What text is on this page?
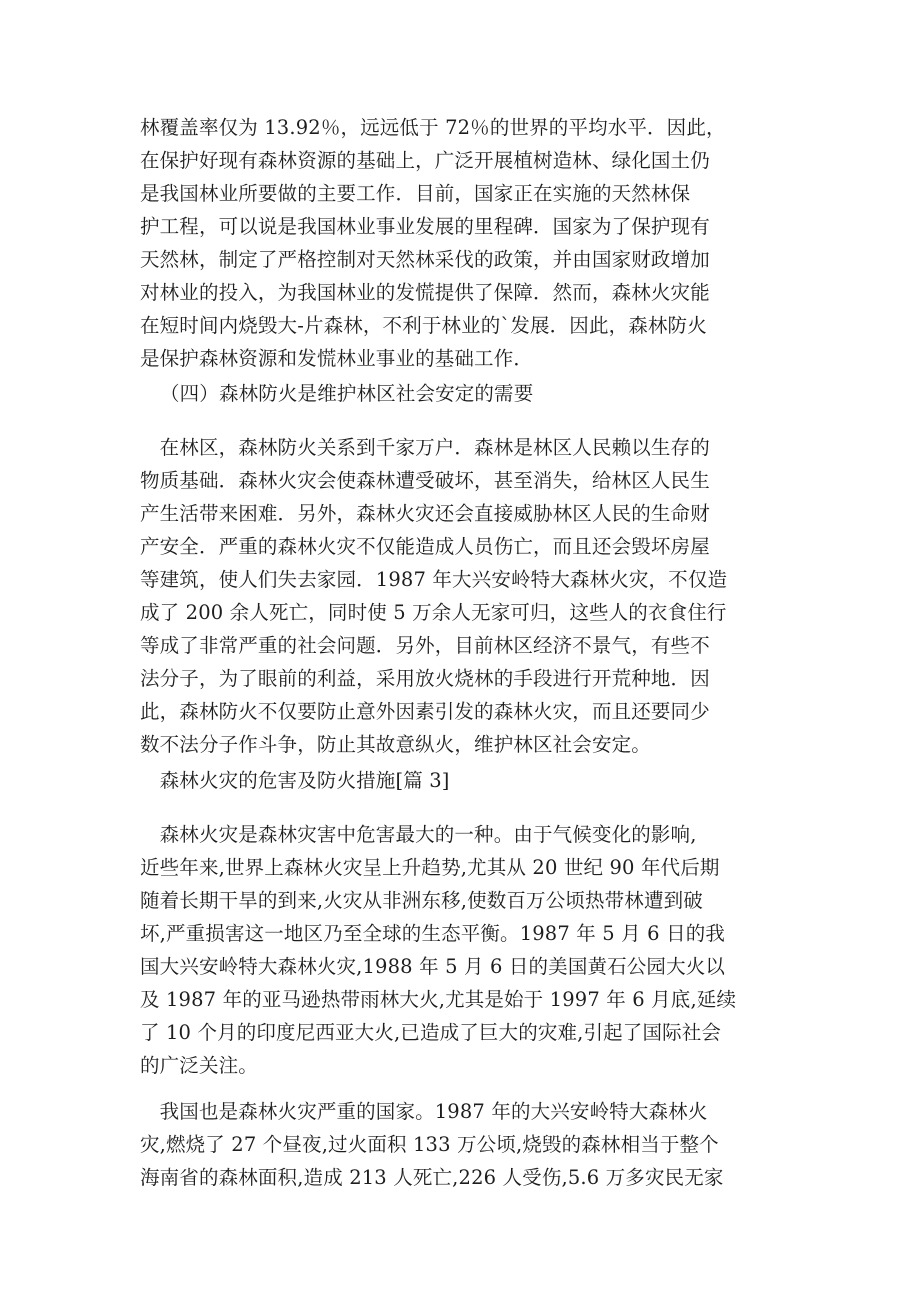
林覆盖率仅为 13.92％，远远低于 72％的世界的平均水平．因此，
在保护好现有森林资源的基础上，广泛开展植树造林、绿化国土仍
是我国林业所要做的主要工作．目前，国家正在实施的天然林保
护工程，可以说是我国林业事业发展的里程碑．国家为了保护现有
天然林，制定了严格控制对天然林采伐的政策，并由国家财政增加
对林业的投入，为我国林业的发慌提供了保障．然而，森林火灾能
在短时间内烧毁大-片森林，不利于林业的`发展．因此，森林防火
是保护森林资源和发慌林业事业的基础工作．
（四）森林防火是维护林区社会安定的需要
　在林区，森林防火关系到千家万户．森林是林区人民赖以生存的
物质基础．森林火灾会使森林遭受破坏，甚至消失，给林区人民生
产生活带来困难．另外，森林火灾还会直接威胁林区人民的生命财
产安全．严重的森林火灾不仅能造成人员伤亡，而且还会毁坏房屋
等建筑，使人们失去家园．1987 年大兴安岭特大森林火灾，不仅造
成了 200 余人死亡，同时使 5 万余人无家可归，这些人的衣食住行
等成了非常严重的社会问题．另外，目前林区经济不景气，有些不
法分子，为了眼前的利益，采用放火烧林的手段进行开荒种地．因
此，森林防火不仅要防止意外因素引发的森林火灾，而且还要同少
数不法分子作斗争，防止其故意纵火，维护林区社会安定。
　森林火灾的危害及防火措施[篇 3]
　森林火灾是森林灾害中危害最大的一种。由于气候变化的影响,
近些年来,世界上森林火灾呈上升趋势,尤其从 20 世纪 90 年代后期
随着长期干旱的到来,火灾从非洲东移,使数百万公顷热带林遭到破
坏,严重损害这一地区乃至全球的生态平衡。1987 年 5 月 6 日的我
国大兴安岭特大森林火灾,1988 年 5 月 6 日的美国黄石公园大火以
及 1987 年的亚马逊热带雨林大火,尤其是始于 1997 年 6 月底,延续
了 10 个月的印度尼西亚大火,已造成了巨大的灾难,引起了国际社会
的广泛关注。
　我国也是森林火灾严重的国家。1987 年的大兴安岭特大森林火
灾,燃烧了 27 个昼夜,过火面积 133 万公顷,烧毁的森林相当于整个
海南省的森林面积,造成 213 人死亡,226 人受伤,5.6 万多灾民无家
